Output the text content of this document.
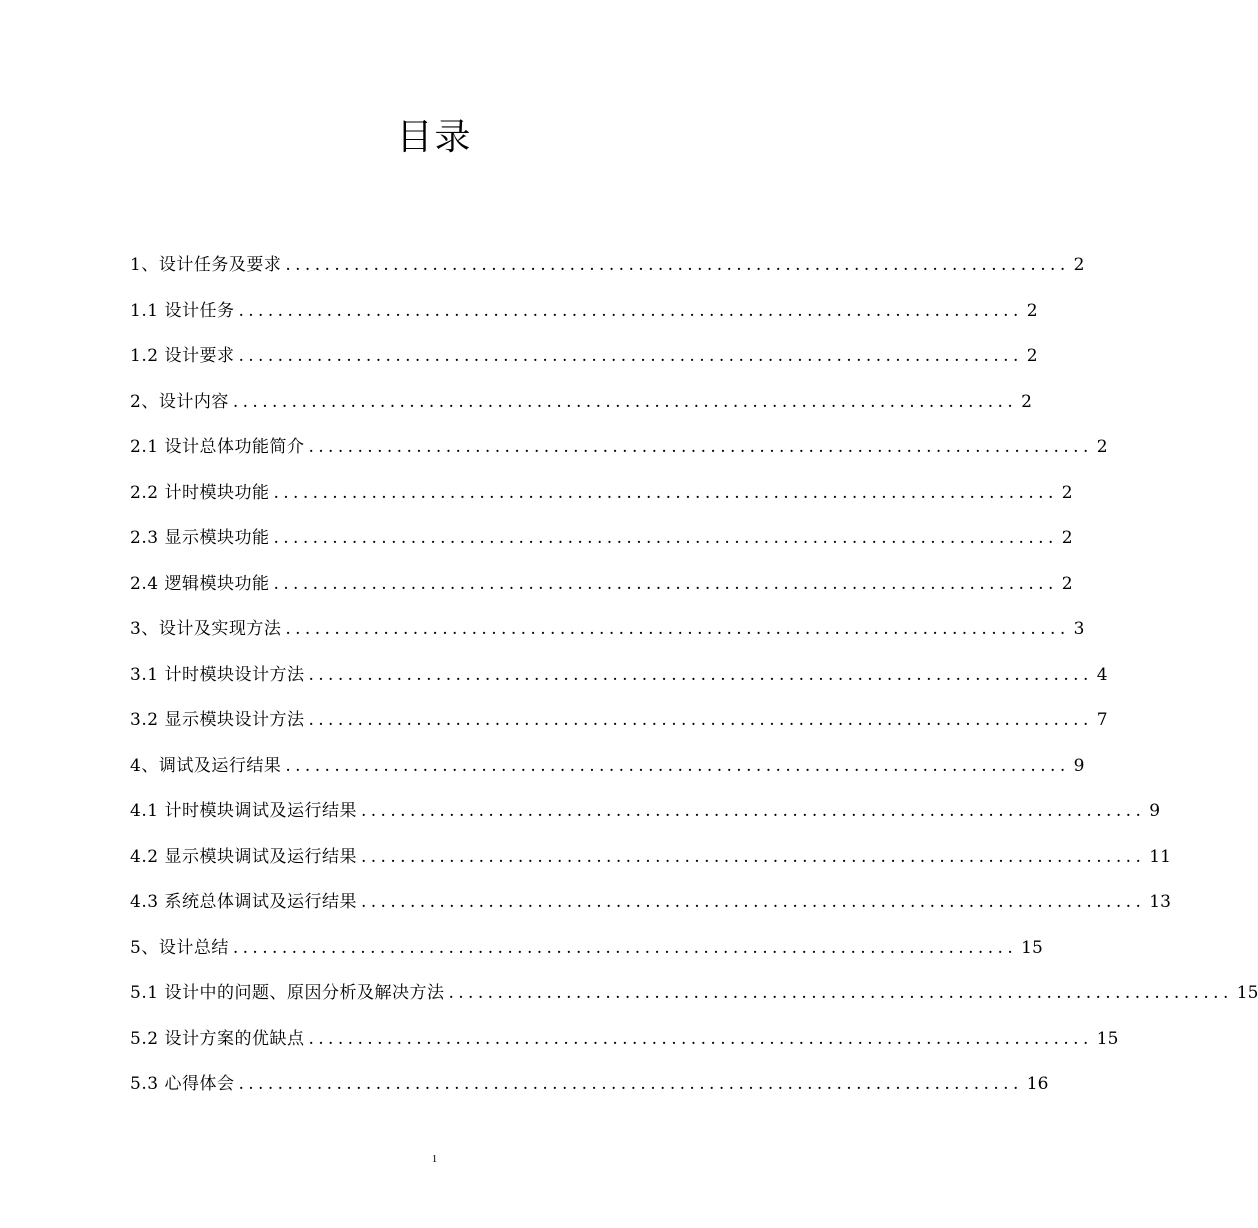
目录
1、设计任务及要求 ................................................................................ 2
1.1 设计任务 ................................................................................ 2
1.2 设计要求 ................................................................................ 2
2、设计内容 ................................................................................ 2
2.1 设计总体功能简介 ................................................................................ 2
2.2 计时模块功能 ................................................................................ 2
2.3 显示模块功能 ................................................................................ 2
2.4 逻辑模块功能 ................................................................................ 2
3、设计及实现方法 ................................................................................ 3
3.1 计时模块设计方法 ................................................................................ 4
3.2 显示模块设计方法 ................................................................................ 7
4、调试及运行结果 ................................................................................ 9
4.1 计时模块调试及运行结果 ................................................................................ 9
4.2 显示模块调试及运行结果 ................................................................................ 11
4.3 系统总体调试及运行结果 ................................................................................ 13
5、设计总结 ................................................................................ 15
5.1 设计中的问题、原因分析及解决方法 ................................................................................ 15
5.2 设计方案的优缺点 ................................................................................ 15
5.3 心得体会 ................................................................................ 16
1
